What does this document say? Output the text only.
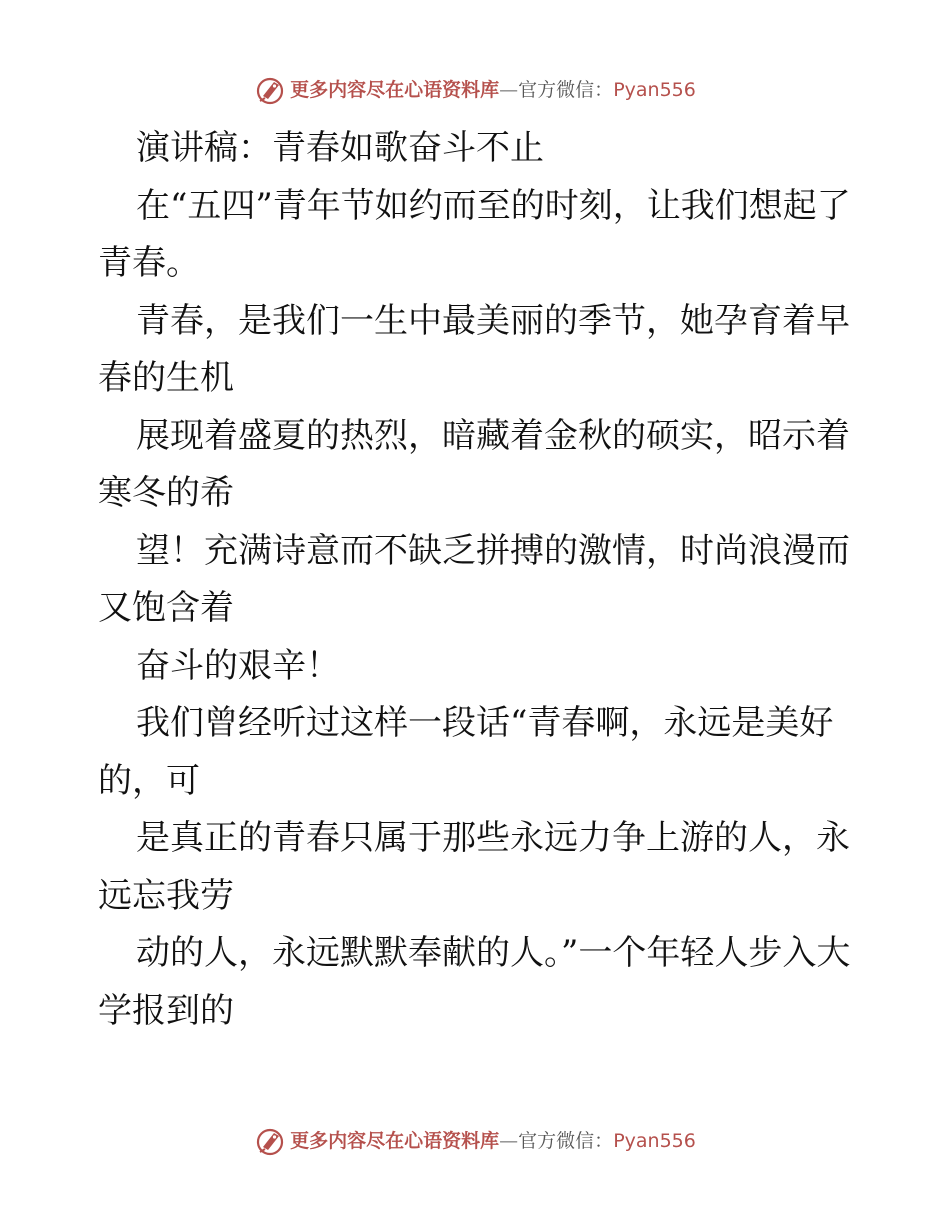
更多内容尽在心语资料库 — 官方微信： Pyan556

演讲稿：青春如歌奋斗不止

在“五四”青年节如约而至的时刻，让我们想起了青春。

青春，是我们一生中最美丽的季节，她孕育着早春的生机

展现着盛夏的热烈，暗藏着金秋的硕实，昭示着寒冬的希

望！充满诗意而不缺乏拼搏的激情，时尚浪漫而又饱含着

奋斗的艰辛！

我们曾经听过这样一段话“青春啊，永远是美好的，可

是真正的青春只属于那些永远力争上游的人，永远忘我劳

动的人，永远默默奉献的人。”一个年轻人步入大学报到的

更多内容尽在心语资料库 — 官方微信： Pyan556
